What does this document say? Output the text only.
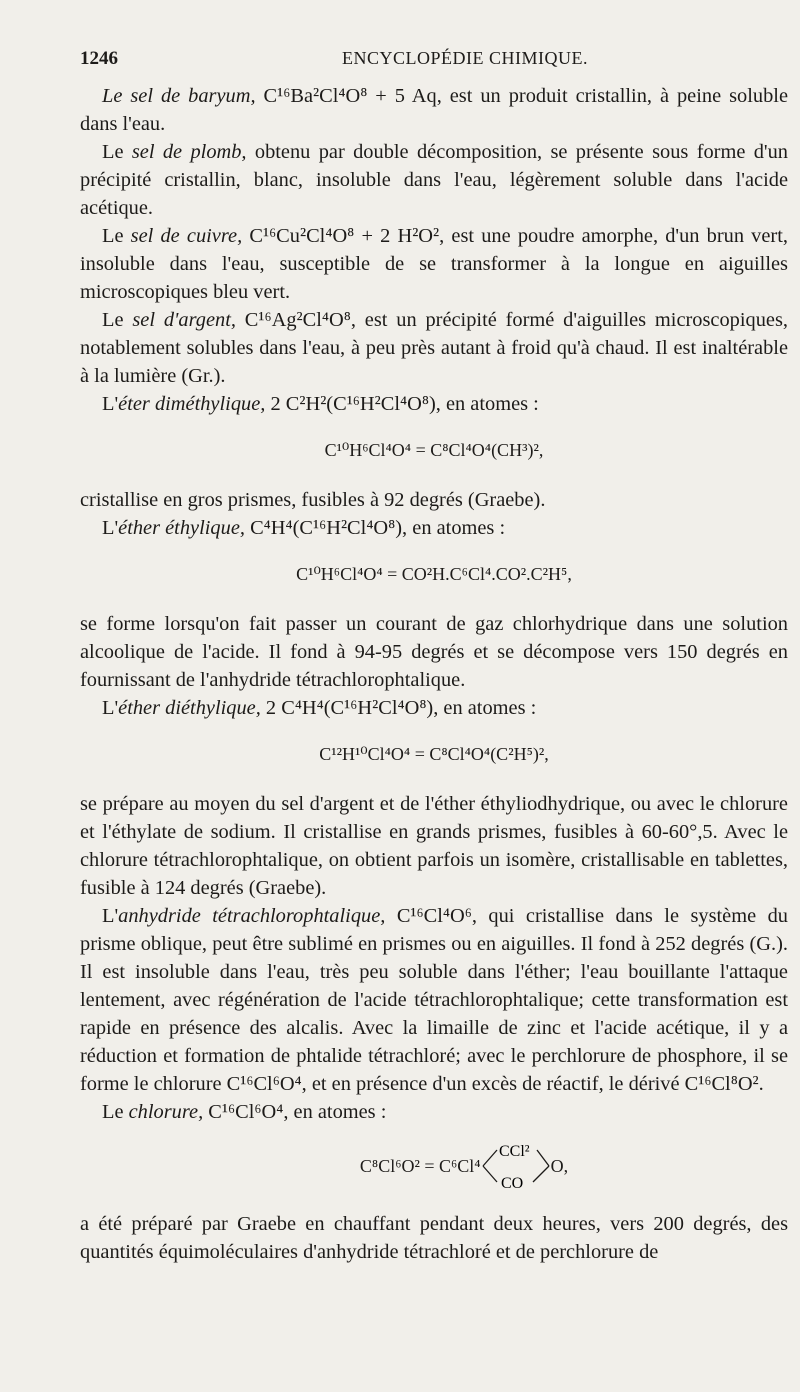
1246	ENCYCLOPÉDIE CHIMIQUE.

Le sel de baryum, C¹⁶Ba²Cl⁴O⁸ + 5 Aq, est un produit cristallin, à peine soluble dans l'eau.

Le sel de plomb, obtenu par double décomposition, se présente sous forme d'un précipité cristallin, blanc, insoluble dans l'eau, légèrement soluble dans l'acide acétique.

Le sel de cuivre, C¹⁶Cu²Cl⁴O⁸ + 2 H²O², est une poudre amorphe, d'un brun vert, insoluble dans l'eau, susceptible de se transformer à la longue en aiguilles microscopiques bleu vert.

Le sel d'argent, C¹⁶Ag²Cl⁴O⁸, est un précipité formé d'aiguilles microscopiques, notablement solubles dans l'eau, à peu près autant à froid qu'à chaud. Il est inaltérable à la lumière (Gr.).

L'éter diméthylique, 2 C²H²(C¹⁶H²Cl⁴O⁸), en atomes :

C¹⁰H⁶Cl⁴O⁴ = C⁸Cl⁴O⁴(CH³)²,

cristallise en gros prismes, fusibles à 92 degrés (Graebe).

L'éther éthylique, C⁴H⁴(C¹⁶H²Cl⁴O⁸), en atomes :

C¹⁰H⁶Cl⁴O⁴ = CO²H.C⁶Cl⁴.CO².C²H⁵,

se forme lorsqu'on fait passer un courant de gaz chlorhydrique dans une solution alcoolique de l'acide. Il fond à 94-95 degrés et se décompose vers 150 degrés en fournissant de l'anhydride tétrachlorophtalique.

L'éther diéthylique, 2 C⁴H⁴(C¹⁶H²Cl⁴O⁸), en atomes :

C¹²H¹⁰Cl⁴O⁴ = C⁸Cl⁴O⁴(C²H⁵)²,

se prépare au moyen du sel d'argent et de l'éther éthyliodhydrique, ou avec le chlorure et l'éthylate de sodium. Il cristallise en grands prismes, fusibles à 60-60°,5. Avec le chlorure tétrachlorophtalique, on obtient parfois un isomère, cristallisable en tablettes, fusible à 124 degrés (Graebe).

L'anhydride tétrachlorophtalique, C¹⁶Cl⁴O⁶, qui cristallise dans le système du prisme oblique, peut être sublimé en prismes ou en aiguilles. Il fond à 252 degrés (G.). Il est insoluble dans l'eau, très peu soluble dans l'éther; l'eau bouillante l'attaque lentement, avec régénération de l'acide tétrachlorophtalique; cette transformation est rapide en présence des alcalis. Avec la limaille de zinc et l'acide acétique, il y a réduction et formation de phtalide tétrachloré; avec le perchlorure de phosphore, il se forme le chlorure C¹⁶Cl⁶O⁴, et en présence d'un excès de réactif, le dérivé C¹⁶Cl⁸O².

Le chlorure, C¹⁶Cl⁶O⁴, en atomes :

C⁸Cl⁶O² = C⁶Cl⁴
CCl²
CO
O,

a été préparé par Graebe en chauffant pendant deux heures, vers 200 degrés, des quantités équimoléculaires d'anhydride tétrachloré et de perchlorure de
